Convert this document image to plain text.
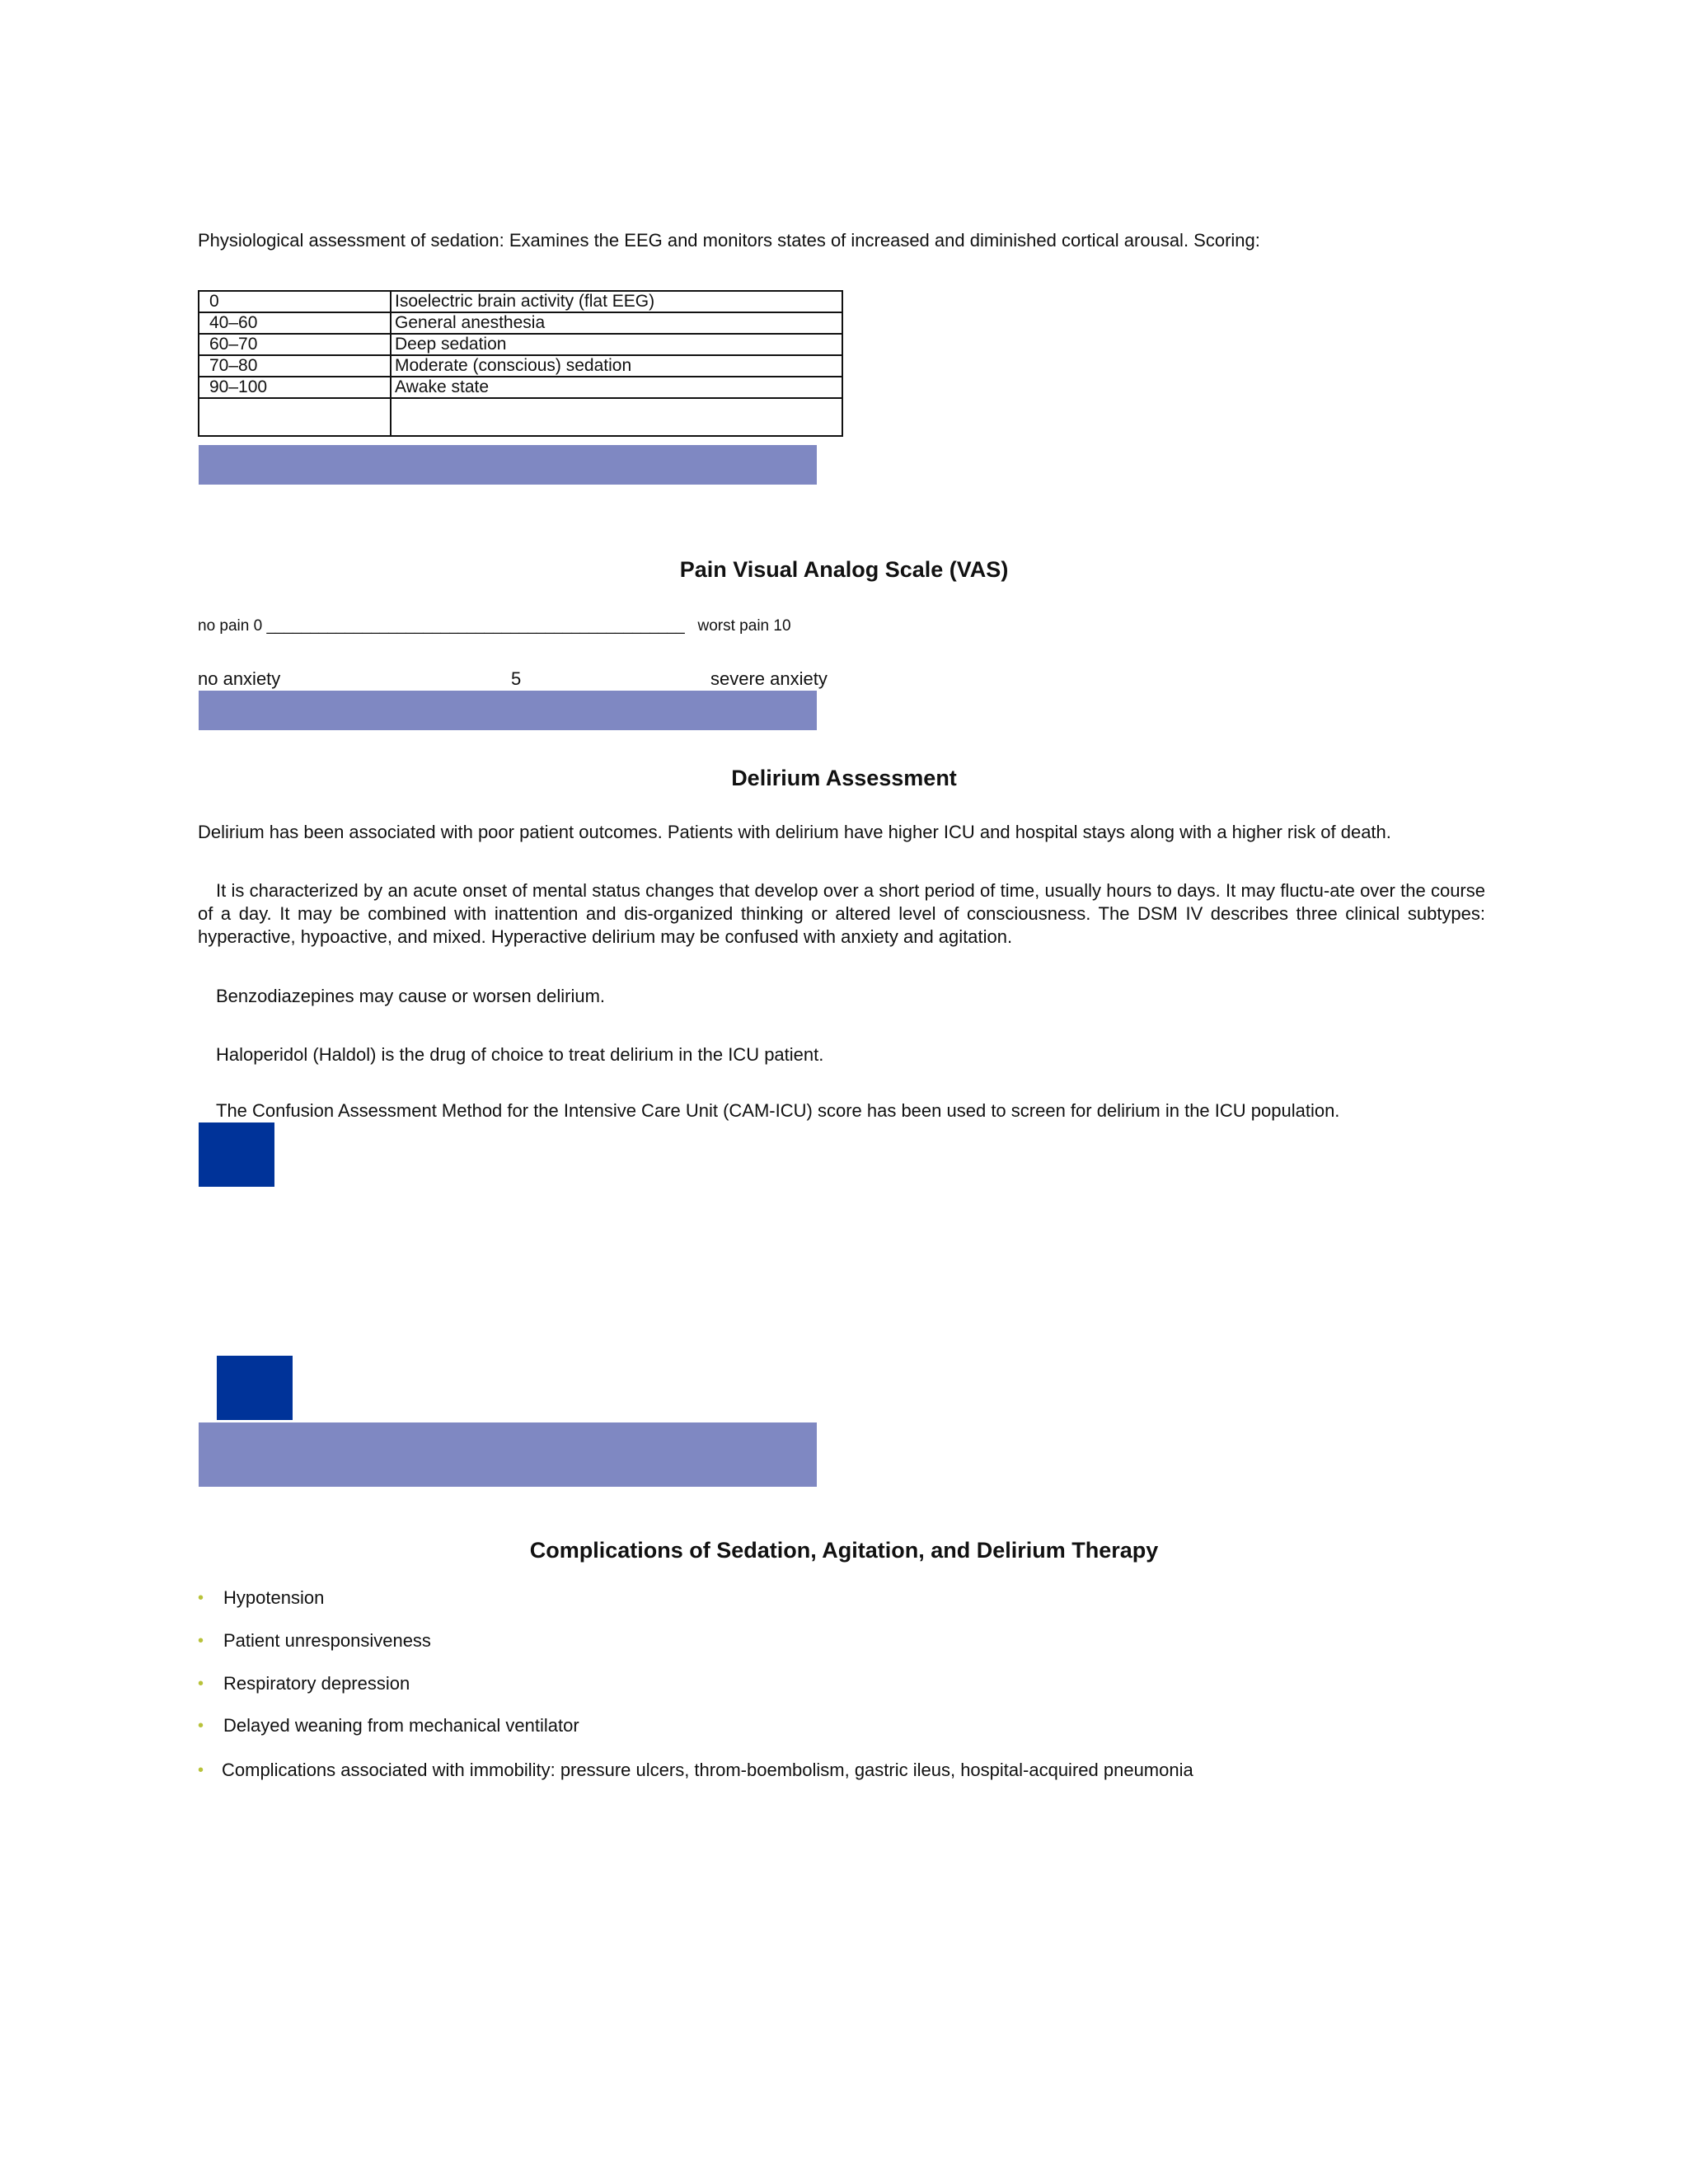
Physiological assessment of sedation: Examines the EEG and monitors states of increased and diminished cortical arousal. Scoring:
0	Isoelectric brain activity (flat EEG)
40–60	General anesthesia
60–70	Deep sedation
70–80	Moderate (conscious) sedation
90–100	Awake state

Pain Visual Analog Scale (VAS)
no pain 0 ________________________________________________   worst pain 10
no anxiety	5	severe anxiety
Delirium Assessment
Delirium has been associated with poor patient outcomes. Patients with delirium have higher ICU and hospital stays along with a higher risk of death.
It is characterized by an acute onset of mental status changes that develop over a short period of time, usually hours to days. It may fluctu-ate over the course of a day. It may be combined with inattention and dis-organized thinking or altered level of consciousness. The DSM IV describes three clinical subtypes: hyperactive, hypoactive, and mixed. Hyperactive delirium may be confused with anxiety and agitation.
Benzodiazepines may cause or worsen delirium.
Haloperidol (Haldol) is the drug of choice to treat delirium in the ICU patient.
The Confusion Assessment Method for the Intensive Care Unit (CAM-ICU) score has been used to screen for delirium in the ICU population.
Complications of Sedation, Agitation, and Delirium Therapy
• Hypotension
• Patient unresponsiveness
• Respiratory depression
• Delayed weaning from mechanical ventilator
• Complications associated with immobility: pressure ulcers, throm-boembolism, gastric ileus, hospital-acquired pneumonia
